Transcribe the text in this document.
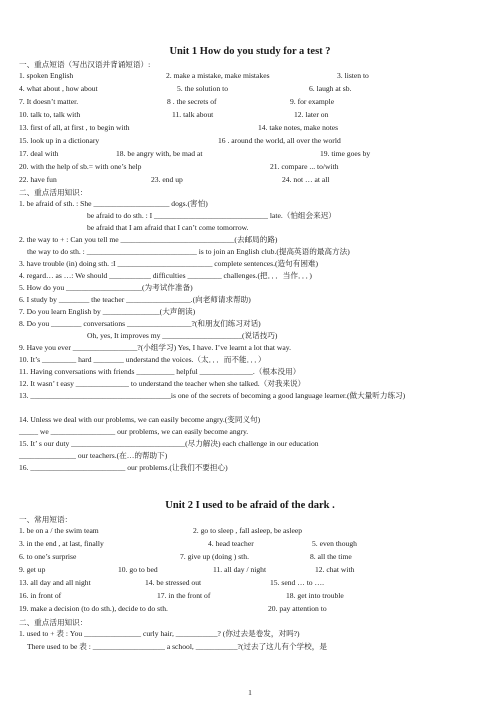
Unit 1 How do you study for a test ?
一、重点短语（写出汉语并背诵短语）:
1. spoken English	2. make a mistake, make mistakes	3. listen to
4. what about , how about	5. the solution to	6. laugh at sb.
7. It doesn’t matter.	8 . the secrets of	9. for example
10. talk to, talk with	11. talk about	12. later on
13. first of all, at first , to begin with	14. take notes, make notes
15. look up in a dictionary	16 . around the world, all over the world
17. deal with	18. be angry with, be mad at	19. time goes by
20. with the help of sb.= with one’s help	21. compare ... to/with
22. have fun	23. end up	24. not … at all
二、重点活用知识：
1. be afraid of sth. : She ____________________ dogs.(害怕)
be afraid to do sth. : I ______________________________ late.（怕组会来迟）
be afraid that I am afraid that I can’t come tomorrow.
2. the way to + : Can you tell me ______________________________(去邮局的路)
the way to do sth. : _____________________________ is to join an English club.(提高英语的最高方法)
3. have trouble (in) doing sth. :I _________________________ complete sentences.(造句有困难)
4. regard… as …: We should ___________ difficulties _________ challenges.(把．．．当作．．．)
5. How do you ____________________(为考试作准备)
6. I study by ________ the teacher _________________.(向老师请求帮助)
7. Do you learn English by _______________(大声朗读)
8. Do you ________ conversations _________________?(和朋友们练习对话)
Oh, yes, It improves my _____________________(说话技巧)
9. Have you ever _________________?(小组学习) Yes, I have. I’ve learnt a lot that way.
10. It’s _________ hard ________ understand the voices.（太．．．而不能．．．）
11. Having conversations with friends __________ helpful ______________.（根本没用）
12. It wasn’ t easy ______________ to understand the teacher when she talked.（对我来说）
13. _____________________________________is one of the secrets of becoming a good language learner.(做大量听力练习)
14. Unless we deal with our problems, we can easily become angry.(变同义句)
_____ we _________________ our problems, we can easily become angry.
15. It’ s our duty ______________________________(尽力解决) each challenge in our education
_______________ our teachers.(在…的帮助下)
16. _________________________ our problems.(让我们不要担心)
Unit 2 I used to be afraid of the dark .
一、常用短语：
1. be on a / the swim team	2. go to sleep , fall asleep, be asleep
3. in the end , at last, finally	4. head teacher	5. even though
6. to one’s surprise	7. give up (doing ) sth.	8. all the time
9. get up	10. go to bed	11. all day / night	12. chat with
13. all day and all night	14. be stressed out	15. send … to ….
16. in front of	17. in the front of	18. get into trouble
19. make a decision (to do sth.), decide to do sth.	20. pay attention to
二、重点活用知识：
1. used to + 表 : You _______________ curly hair, ___________? (你过去是卷发，对吗?)
There used to be 表 : ___________________ a school, ___________?(过去了这儿有个学校，是
1
